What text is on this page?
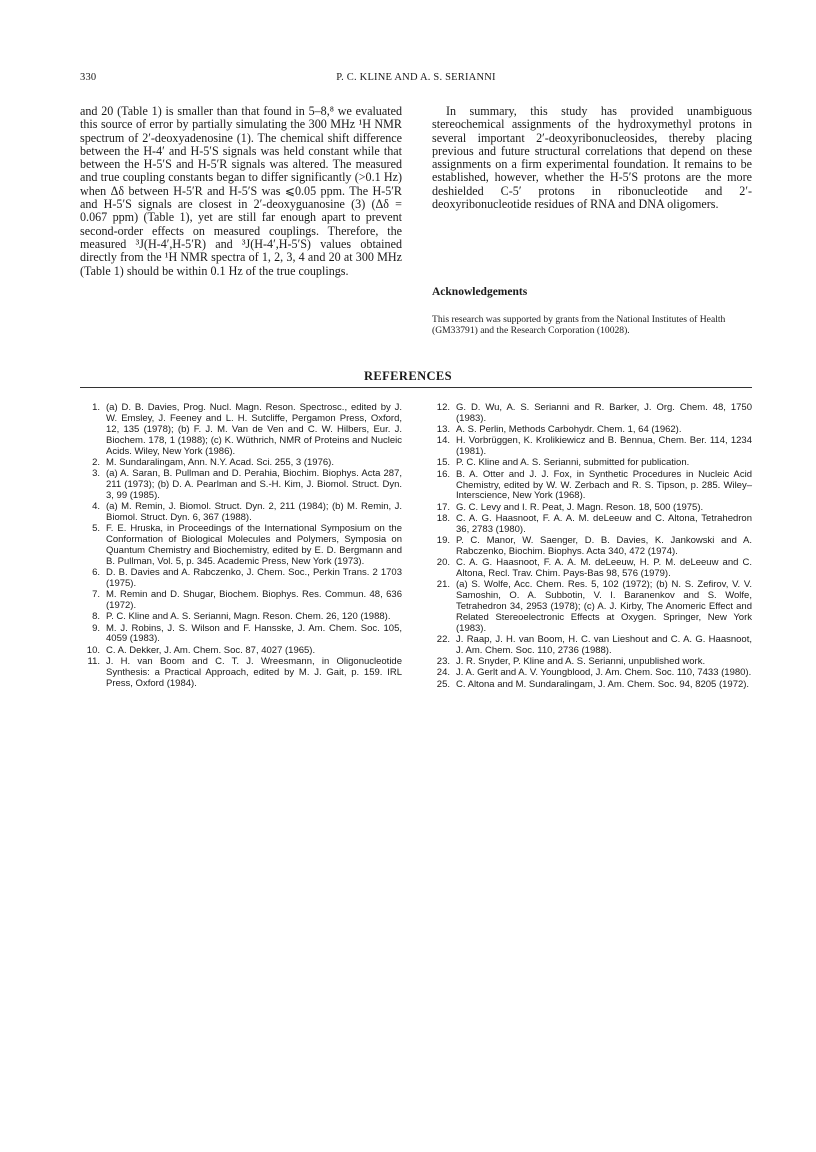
330	P. C. KLINE AND A. S. SERIANNI

and 20 (Table 1) is smaller than that found in 5–8,⁸ we evaluated this source of error by partially simulating the 300 MHz ¹H NMR spectrum of 2′-deoxyadenosine (1). The chemical shift difference between the H-4′ and H-5′S signals was held constant while that between the H-5′S and H-5′R signals was altered. The measured and true coupling constants began to differ significantly (>0.1 Hz) when Δδ between H-5′R and H-5′S was ⩽0.05 ppm. The H-5′R and H-5′S signals are closest in 2′-deoxyguanosine (3) (Δδ = 0.067 ppm) (Table 1), yet are still far enough apart to prevent second-order effects on measured couplings. Therefore, the measured ³J(H-4′,H-5′R) and ³J(H-4′,H-5′S) values obtained directly from the ¹H NMR spectra of 1, 2, 3, 4 and 20 at 300 MHz (Table 1) should be within 0.1 Hz of the true couplings.

In summary, this study has provided unambiguous stereochemical assignments of the hydroxymethyl protons in several important 2′-deoxyribonucleosides, thereby placing previous and future structural correlations that depend on these assignments on a firm experimental foundation. It remains to be established, however, whether the H-5′S protons are the more deshielded C-5′ protons in ribonucleotide and 2′-deoxyribonucleotide residues of RNA and DNA oligomers.

Acknowledgements
This research was supported by grants from the National Institutes of Health (GM33791) and the Research Corporation (10028).
REFERENCES
1. (a) D. B. Davies, Prog. Nucl. Magn. Reson. Spectrosc., edited by J. W. Emsley, J. Feeney and L. H. Sutcliffe, Pergamon Press, Oxford, 12, 135 (1978); (b) F. J. M. Van de Ven and C. W. Hilbers, Eur. J. Biochem. 178, 1 (1988); (c) K. Wüthrich, NMR of Proteins and Nucleic Acids. Wiley, New York (1986).
2. M. Sundaralingam, Ann. N.Y. Acad. Sci. 255, 3 (1976).
3. (a) A. Saran, B. Pullman and D. Perahia, Biochim. Biophys. Acta 287, 211 (1973); (b) D. A. Pearlman and S.-H. Kim, J. Biomol. Struct. Dyn. 3, 99 (1985).
4. (a) M. Remin, J. Biomol. Struct. Dyn. 2, 211 (1984); (b) M. Remin, J. Biomol. Struct. Dyn. 6, 367 (1988).
5. F. E. Hruska, in Proceedings of the International Symposium on the Conformation of Biological Molecules and Polymers, Symposia on Quantum Chemistry and Biochemistry, edited by E. D. Bergmann and B. Pullman, Vol. 5, p. 345. Academic Press, New York (1973).
6. D. B. Davies and A. Rabczenko, J. Chem. Soc., Perkin Trans. 2 1703 (1975).
7. M. Remin and D. Shugar, Biochem. Biophys. Res. Commun. 48, 636 (1972).
8. P. C. Kline and A. S. Serianni, Magn. Reson. Chem. 26, 120 (1988).
9. M. J. Robins, J. S. Wilson and F. Hansske, J. Am. Chem. Soc. 105, 4059 (1983).
10. C. A. Dekker, J. Am. Chem. Soc. 87, 4027 (1965).
11. J. H. van Boom and C. T. J. Wreesmann, in Oligonucleotide Synthesis: a Practical Approach, edited by M. J. Gait, p. 159. IRL Press, Oxford (1984).
12. G. D. Wu, A. S. Serianni and R. Barker, J. Org. Chem. 48, 1750 (1983).
13. A. S. Perlin, Methods Carbohydr. Chem. 1, 64 (1962).
14. H. Vorbrüggen, K. Krolikiewicz and B. Bennua, Chem. Ber. 114, 1234 (1981).
15. P. C. Kline and A. S. Serianni, submitted for publication.
16. B. A. Otter and J. J. Fox, in Synthetic Procedures in Nucleic Acid Chemistry, edited by W. W. Zerbach and R. S. Tipson, p. 285. Wiley–Interscience, New York (1968).
17. G. C. Levy and I. R. Peat, J. Magn. Reson. 18, 500 (1975).
18. C. A. G. Haasnoot, F. A. A. M. deLeeuw and C. Altona, Tetrahedron 36, 2783 (1980).
19. P. C. Manor, W. Saenger, D. B. Davies, K. Jankowski and A. Rabczenko, Biochim. Biophys. Acta 340, 472 (1974).
20. C. A. G. Haasnoot, F. A. A. M. deLeeuw, H. P. M. deLeeuw and C. Altona, Recl. Trav. Chim. Pays-Bas 98, 576 (1979).
21. (a) S. Wolfe, Acc. Chem. Res. 5, 102 (1972); (b) N. S. Zefirov, V. V. Samoshin, O. A. Subbotin, V. I. Baranenkov and S. Wolfe, Tetrahedron 34, 2953 (1978); (c) A. J. Kirby, The Anomeric Effect and Related Stereoelectronic Effects at Oxygen. Springer, New York (1983).
22. J. Raap, J. H. van Boom, H. C. van Lieshout and C. A. G. Haasnoot, J. Am. Chem. Soc. 110, 2736 (1988).
23. J. R. Snyder, P. Kline and A. S. Serianni, unpublished work.
24. J. A. Gerlt and A. V. Youngblood, J. Am. Chem. Soc. 110, 7433 (1980).
25. C. Altona and M. Sundaralingam, J. Am. Chem. Soc. 94, 8205 (1972).
